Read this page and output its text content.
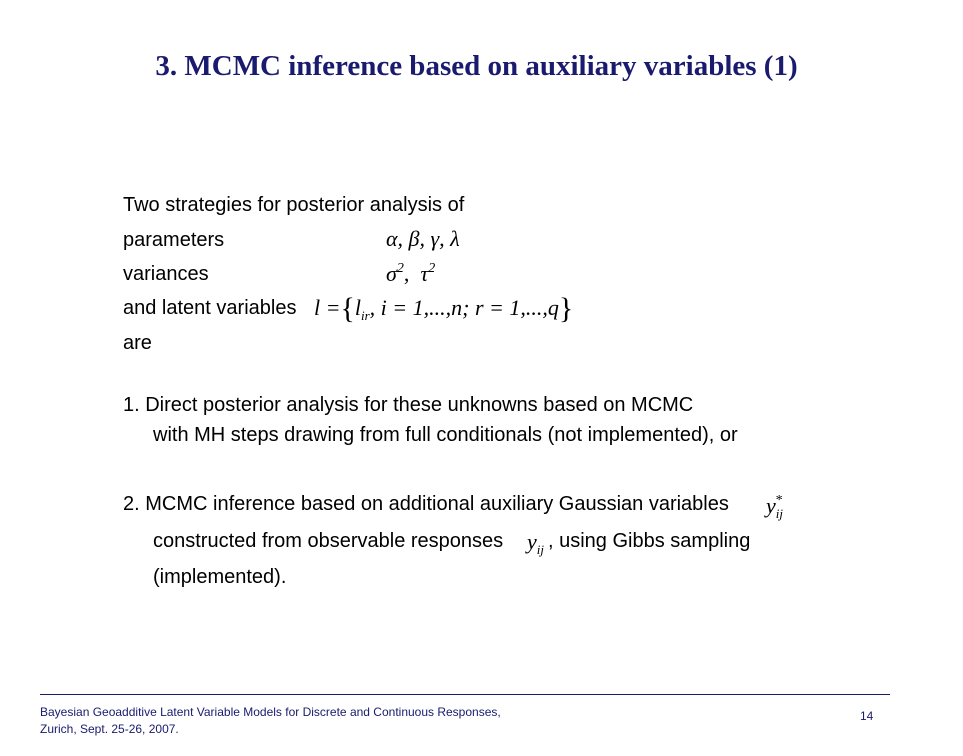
3. MCMC inference based on auxiliary variables (1)
Two strategies for posterior analysis of
parameters	α, β, γ, λ
variances	$\sigma^2$,  $\tau^2$
and latent variables $l =\{l_{ir}$, i = 1,...,n; r = 1,...,q}
are
1. Direct posterior analysis for these unknowns based on MCMC
with MH steps drawing from full conditionals (not implemented), or
2. MCMC inference based on additional auxiliary Gaussian variables $y_{ij}^*$
constructed from observable responses $y_{ij}$ , using Gibbs sampling
(implemented).
Bayesian Geoadditive Latent Variable Models for Discrete and Continuous Responses,
Zurich, Sept. 25-26, 2007.
14
